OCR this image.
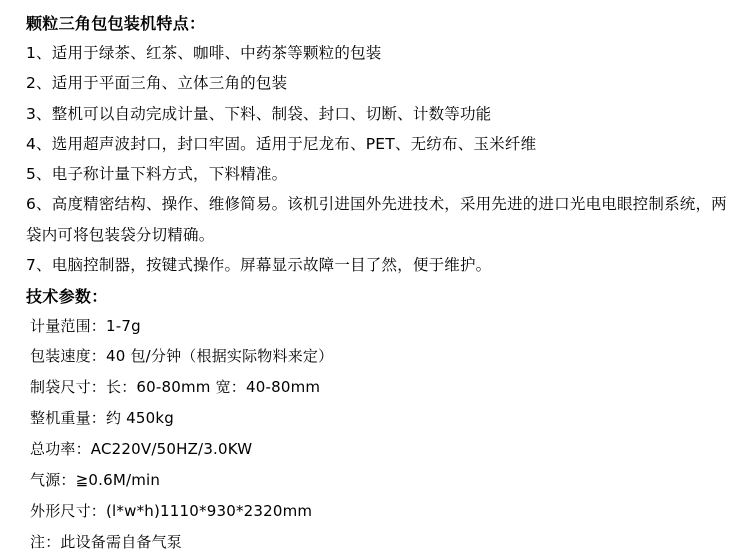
颗粒三角包包装机特点：
1、适用于绿茶、红茶、咖啡、中药茶等颗粒的包装
2、适用于平面三角、立体三角的包装
3、整机可以自动完成计量、下料、制袋、封口、切断、计数等功能
4、选用超声波封口，封口牢固。适用于尼龙布、PET、无纺布、玉米纤维
5、电子称计量下料方式，下料精准。
6、高度精密结构、操作、维修简易。该机引进国外先进技术，采用先进的进口光电电眼控制系统，两袋内可将包装袋分切精确。
7、电脑控制器，按键式操作。屏幕显示故障一目了然，便于维护。
技术参数：
计量范围：1-7g
包装速度：40 包/分钟（根据实际物料来定）
制袋尺寸：长：60-80mm 宽：40-80mm
整机重量：约 450kg
总功率：AC220V/50HZ/3.0KW
气源：≧0.6M/min
外形尺寸：(l*w*h)1110*930*2320mm
注：此设备需自备气泵
